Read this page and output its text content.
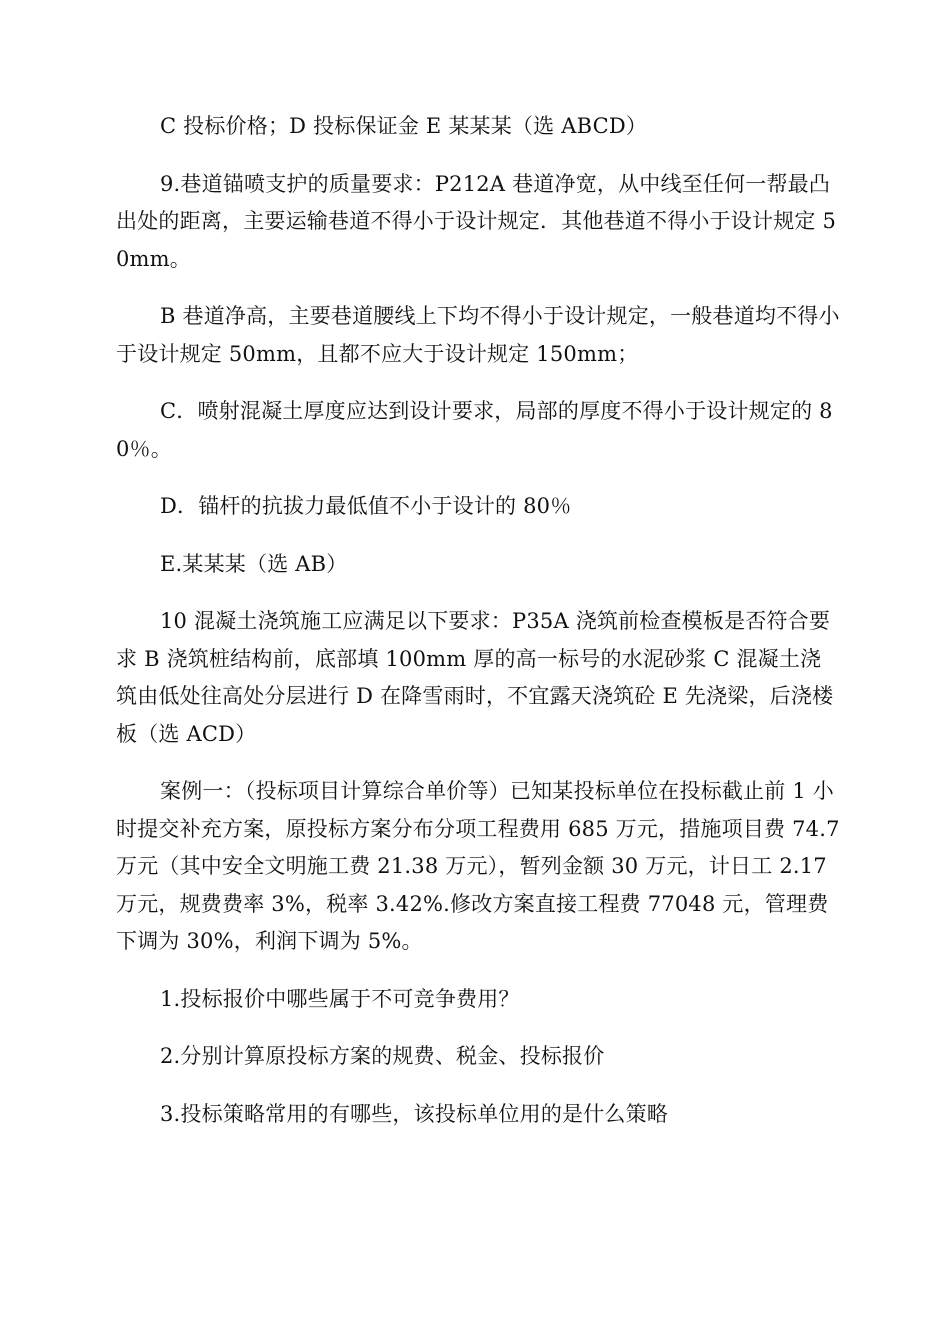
C 投标价格；D 投标保证金 E 某某某（选 ABCD）

9.巷道锚喷支护的质量要求：P212A 巷道净宽，从中线至任何一帮最凸出处的距离，主要运输巷道不得小于设计规定．其他巷道不得小于设计规定 50mm。

B 巷道净高，主要巷道腰线上下均不得小于设计规定，一般巷道均不得小于设计规定 50mm，且都不应大于设计规定 150mm；

C．喷射混凝土厚度应达到设计要求，局部的厚度不得小于设计规定的 80％。

D．锚杆的抗拔力最低值不小于设计的 80％

E.某某某（选 AB）

10 混凝土浇筑施工应满足以下要求：P35A 浇筑前检查模板是否符合要求 B 浇筑桩结构前，底部填 100mm 厚的高一标号的水泥砂浆 C 混凝土浇筑由低处往高处分层进行 D 在降雪雨时，不宜露天浇筑砼 E 先浇梁，后浇楼板（选 ACD）

案例一：（投标项目计算综合单价等）已知某投标单位在投标截止前 1 小时提交补充方案，原投标方案分布分项工程费用 685 万元，措施项目费 74.7 万元（其中安全文明施工费 21.38 万元），暂列金额 30 万元，计日工 2.17 万元，规费费率 3%，税率 3.42%.修改方案直接工程费 77048 元，管理费下调为 30%，利润下调为 5%。

1.投标报价中哪些属于不可竞争费用？

2.分别计算原投标方案的规费、税金、投标报价

3.投标策略常用的有哪些，该投标单位用的是什么策略
